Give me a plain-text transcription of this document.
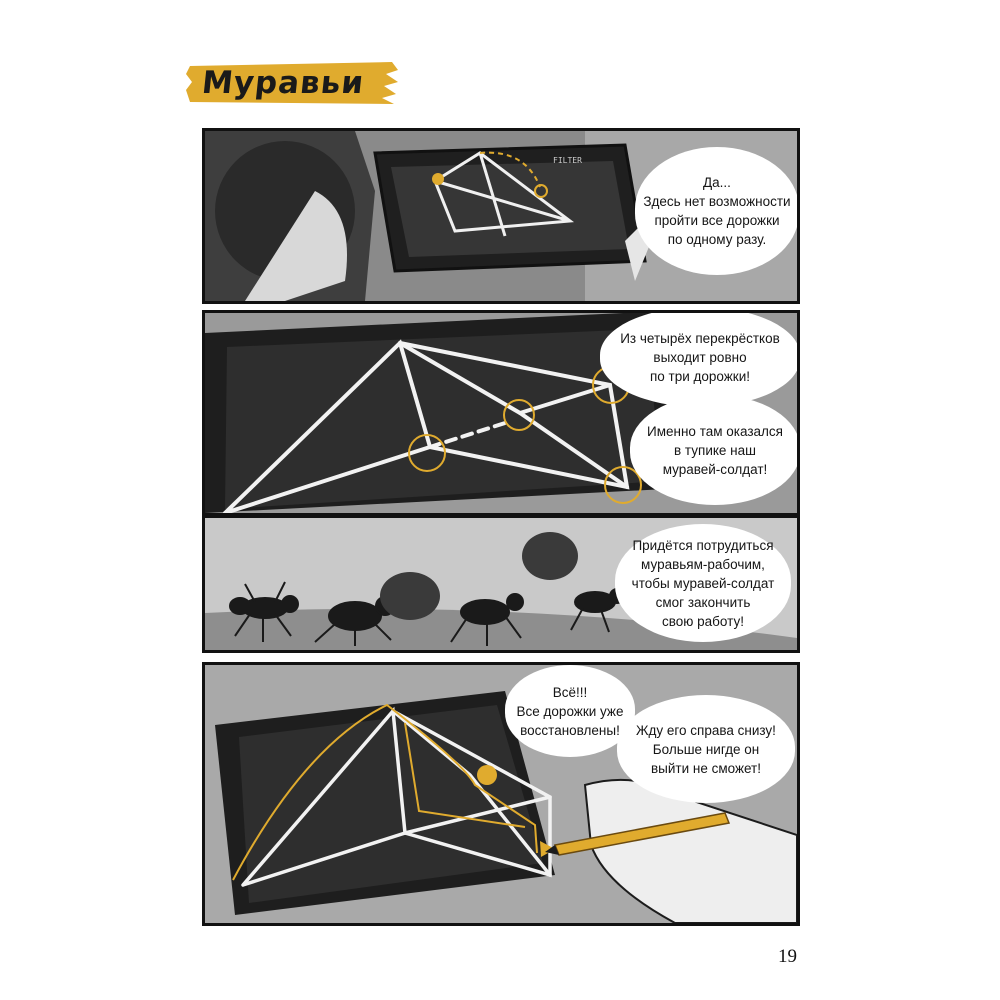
Муравьи
FILTER
Да...
Здесь нет возможности
пройти все дорожки
по одному разу.
Из четырёх перекрёстков
выходит ровно
по три дорожки!
Именно там оказался
в тупике наш
муравей-солдат!
Придётся потрудиться
муравьям-рабочим,
чтобы муравей-солдат
смог закончить
свою работу!
Всё!!!
Все дорожки уже
восстановлены!	Жду его справа снизу!
Больше нигде он
выйти не сможет!
19
